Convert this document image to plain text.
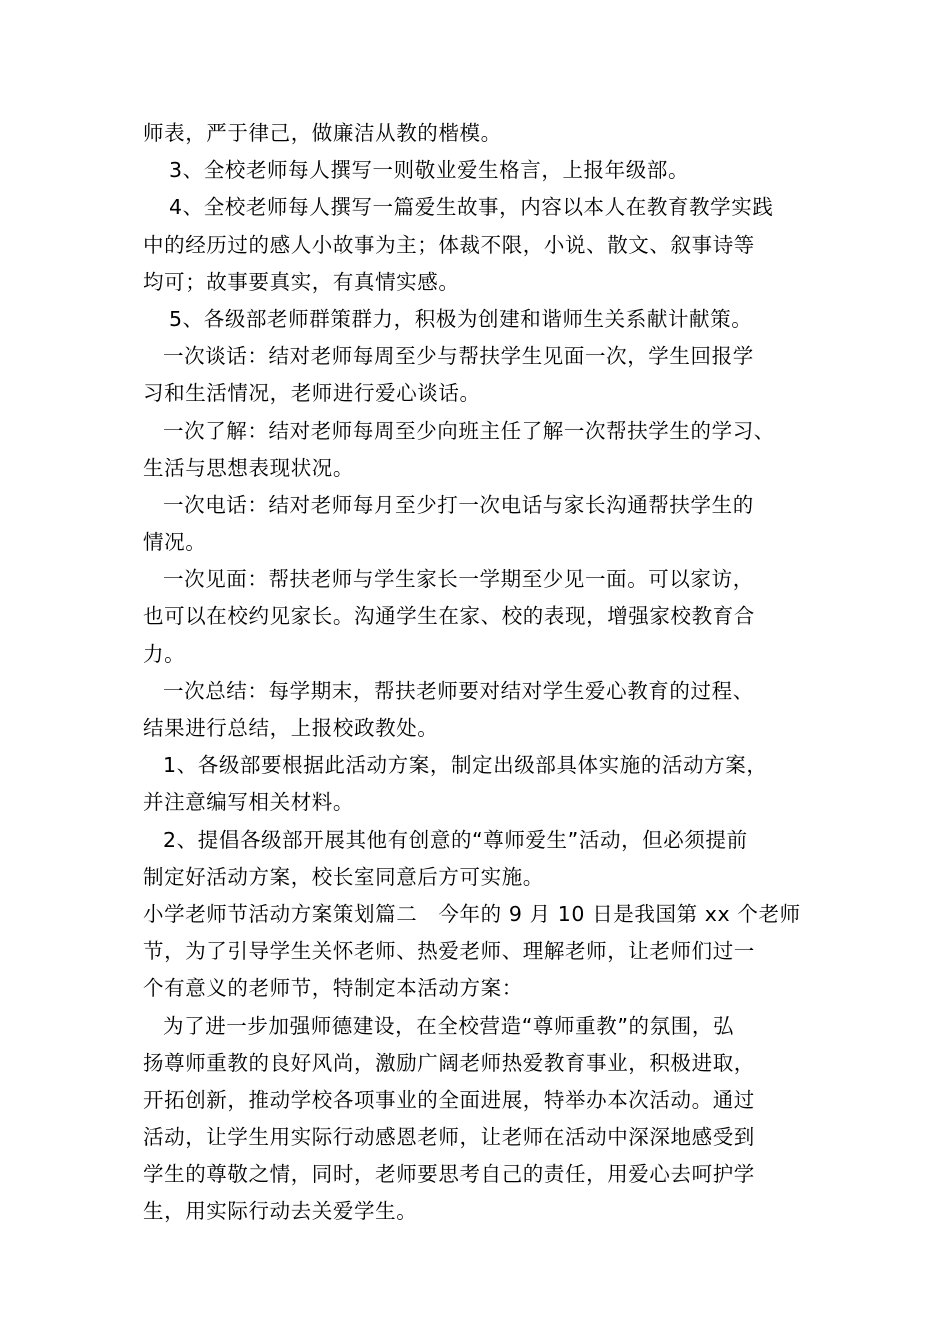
师表，严于律己，做廉洁从教的楷模。

3、全校老师每人撰写一则敬业爱生格言，上报年级部。

4、全校老师每人撰写一篇爱生故事，内容以本人在教育教学实践
中的经历过的感人小故事为主；体裁不限，小说、散文、叙事诗等
均可；故事要真实，有真情实感。

5、各级部老师群策群力，积极为创建和谐师生关系献计献策。

一次谈话：结对老师每周至少与帮扶学生见面一次，学生回报学
习和生活情况，老师进行爱心谈话。

一次了解：结对老师每周至少向班主任了解一次帮扶学生的学习、
生活与思想表现状况。

一次电话：结对老师每月至少打一次电话与家长沟通帮扶学生的
情况。

一次见面：帮扶老师与学生家长一学期至少见一面。可以家访，
也可以在校约见家长。沟通学生在家、校的表现，增强家校教育合
力。

一次总结：每学期末，帮扶老师要对结对学生爱心教育的过程、
结果进行总结，上报校政教处。

1、各级部要根据此活动方案，制定出级部具体实施的活动方案，
并注意编写相关材料。

2、提倡各级部开展其他有创意的“尊师爱生”活动，但必须提前
制定好活动方案，校长室同意后方可实施。

小学老师节活动方案策划篇二　今年的 9 月 10 日是我国第 xx 个老师
节，为了引导学生关怀老师、热爱老师、理解老师，让老师们过一
个有意义的老师节，特制定本活动方案：

为了进一步加强师德建设，在全校营造“尊师重教”的氛围，弘
扬尊师重教的良好风尚，激励广阔老师热爱教育事业，积极进取，
开拓创新，推动学校各项事业的全面进展，特举办本次活动。通过
活动，让学生用实际行动感恩老师，让老师在活动中深深地感受到
学生的尊敬之情，同时，老师要思考自己的责任，用爱心去呵护学
生，用实际行动去关爱学生。
